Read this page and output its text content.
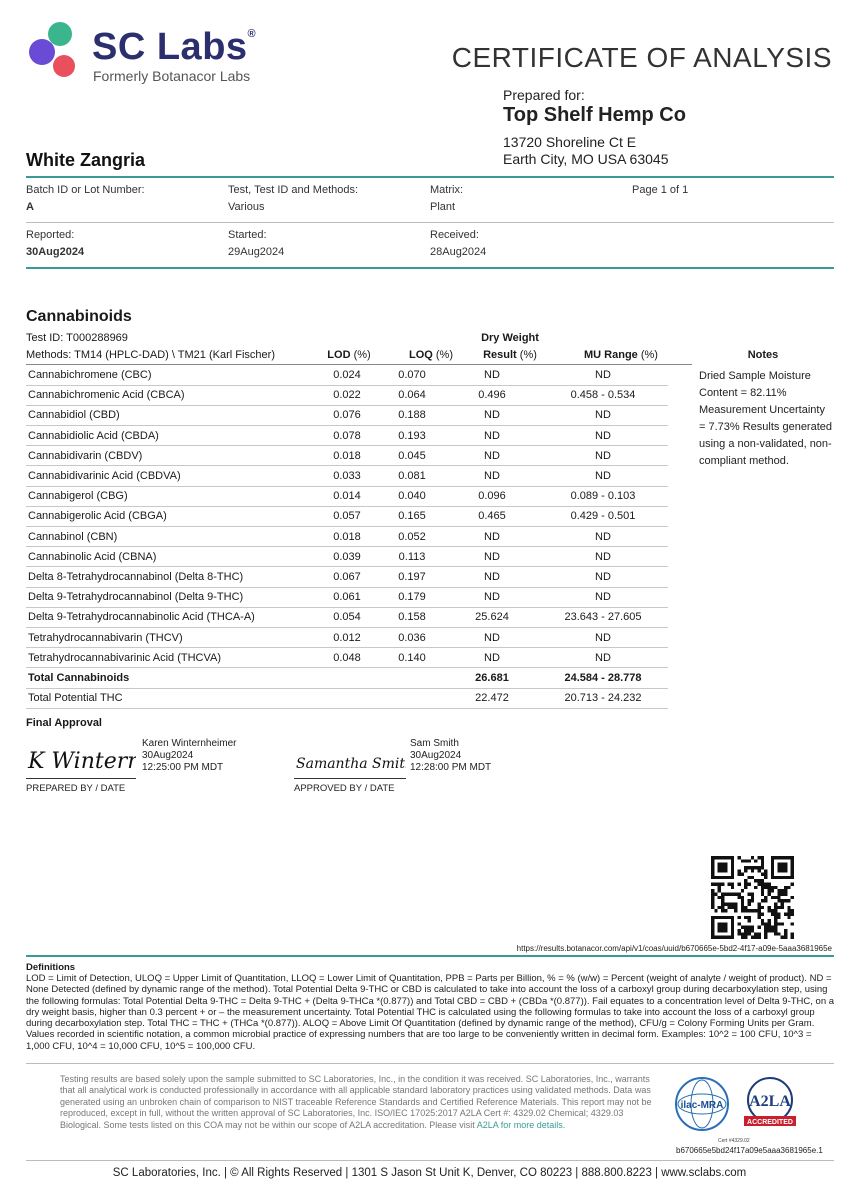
SC Labs®
Formerly Botanacor Labs
CERTIFICATE OF ANALYSIS
Prepared for:
Top Shelf Hemp Co
13720 Shoreline Ct E
Earth City, MO USA 63045
White Zangria
Batch ID or Lot Number:
A
Test, Test ID and Methods:
Various
Matrix:
Plant
Page 1 of 1
Reported:
30Aug2024
Started:
29Aug2024
Received:
28Aug2024
Cannabinoids
Test ID: T000288969
Methods: TM14 (HPLC-DAD) \ TM21 (Karl Fischer)	LOD (%)	LOQ (%)
Dry Weight
Result (%)	MU Range (%)	Notes
Cannabichromene (CBC)	0.024	0.070	ND	ND	
Cannabichromenic Acid (CBCA)	0.022	0.064	0.496	0.458 - 0.534	
Cannabidiol (CBD)	0.076	0.188	ND	ND	
Cannabidiolic Acid (CBDA)	0.078	0.193	ND	ND	
Cannabidivarin (CBDV)	0.018	0.045	ND	ND	
Cannabidivarinic Acid (CBDVA)	0.033	0.081	ND	ND	
Cannabigerol (CBG)	0.014	0.040	0.096	0.089 - 0.103	
Cannabigerolic Acid (CBGA)	0.057	0.165	0.465	0.429 - 0.501	
Cannabinol (CBN)	0.018	0.052	ND	ND	
Cannabinolic Acid (CBNA)	0.039	0.113	ND	ND	
Delta 8-Tetrahydrocannabinol (Delta 8-THC)	0.067	0.197	ND	ND	
Delta 9-Tetrahydrocannabinol (Delta 9-THC)	0.061	0.179	ND	ND	
Delta 9-Tetrahydrocannabinolic Acid (THCA-A)	0.054	0.158	25.624	23.643 - 27.605	
Tetrahydrocannabivarin (THCV)	0.012	0.036	ND	ND	
Tetrahydrocannabivarinic Acid (THCVA)	0.048	0.140	ND	ND	
Total Cannabinoids			26.681	24.584 - 28.778	
Total Potential THC			22.472	20.713 - 24.232	
Dried Sample Moisture Content = 82.11% Measurement Uncertainty = 7.73% Results generated using a non-validated, non-compliant method.
Final Approval
K Winter
Karen Winternheimer
30Aug2024
12:25:00 PM MDT
PREPARED BY / DATE
Samantha Smith
Sam Smith
30Aug2024
12:28:00 PM MDT
APPROVED BY / DATE
https://results.botanacor.com/api/v1/coas/uuid/b670665e-5bd2-4f17-a09e-5aaa3681965e
Definitions
LOD = Limit of Detection, ULOQ = Upper Limit of Quantitation, LLOQ = Lower Limit of Quantitation, PPB = Parts per Billion, % = % (w/w) = Percent (weight of analyte / weight of product). ND = None Detected (defined by dynamic range of the method). Total Potential Delta 9-THC or CBD is calculated to take into account the loss of a carboxyl group during decarboxylation step, using the following formulas: Total Potential Delta 9-THC = Delta 9-THC + (Delta 9-THCa *(0.877)) and Total CBD = CBD + (CBDa *(0.877)). Fail equates to a concentration level of Delta 9-THC, on a dry weight basis, higher than 0.3 percent + or – the measurement uncertainty. Total Potential THC is calculated using the following formulas to take into account the loss of a carboxyl group during decarboxylation step. Total THC = THC + (THCa *(0.877)). ALOQ = Above Limit Of Quantitation (defined by dynamic range of the method), CFU/g = Colony Forming Units per Gram. Values recorded in scientific notation, a common microbial practice of expressing numbers that are too large to be conveniently written in decimal form. Examples: 10^2 = 100 CFU, 10^3 = 1,000 CFU, 10^4 = 10,000 CFU, 10^5 = 100,000 CFU.
Testing results are based solely upon the sample submitted to SC Laboratories, Inc., in the condition it was received. SC Laboratories, Inc., warrants that all analytical work is conducted professionally in accordance with all applicable standard laboratory practices using validated methods. Data was generated using an unbroken chain of comparison to NIST traceable Reference Standards and Certified Reference Materials. This report may not be reproduced, except in full, without the written approval of SC Laboratories, Inc. ISO/IEC 17025:2017 A2LA Cert #: 4329.02 Chemical; 4329.03 Biological. Some tests listed on this COA may not be within our scope of A2LA accreditation. Please visit A2LA for more details.
ilac-MRA A2LA
ACCREDITED
Cert #4329.02
b670665e5bd24f17a09e5aaa3681965e.1
SC Laboratories, Inc. | © All Rights Reserved | 1301 S Jason St Unit K, Denver, CO 80223 | 888.800.8223 | www.sclabs.com
